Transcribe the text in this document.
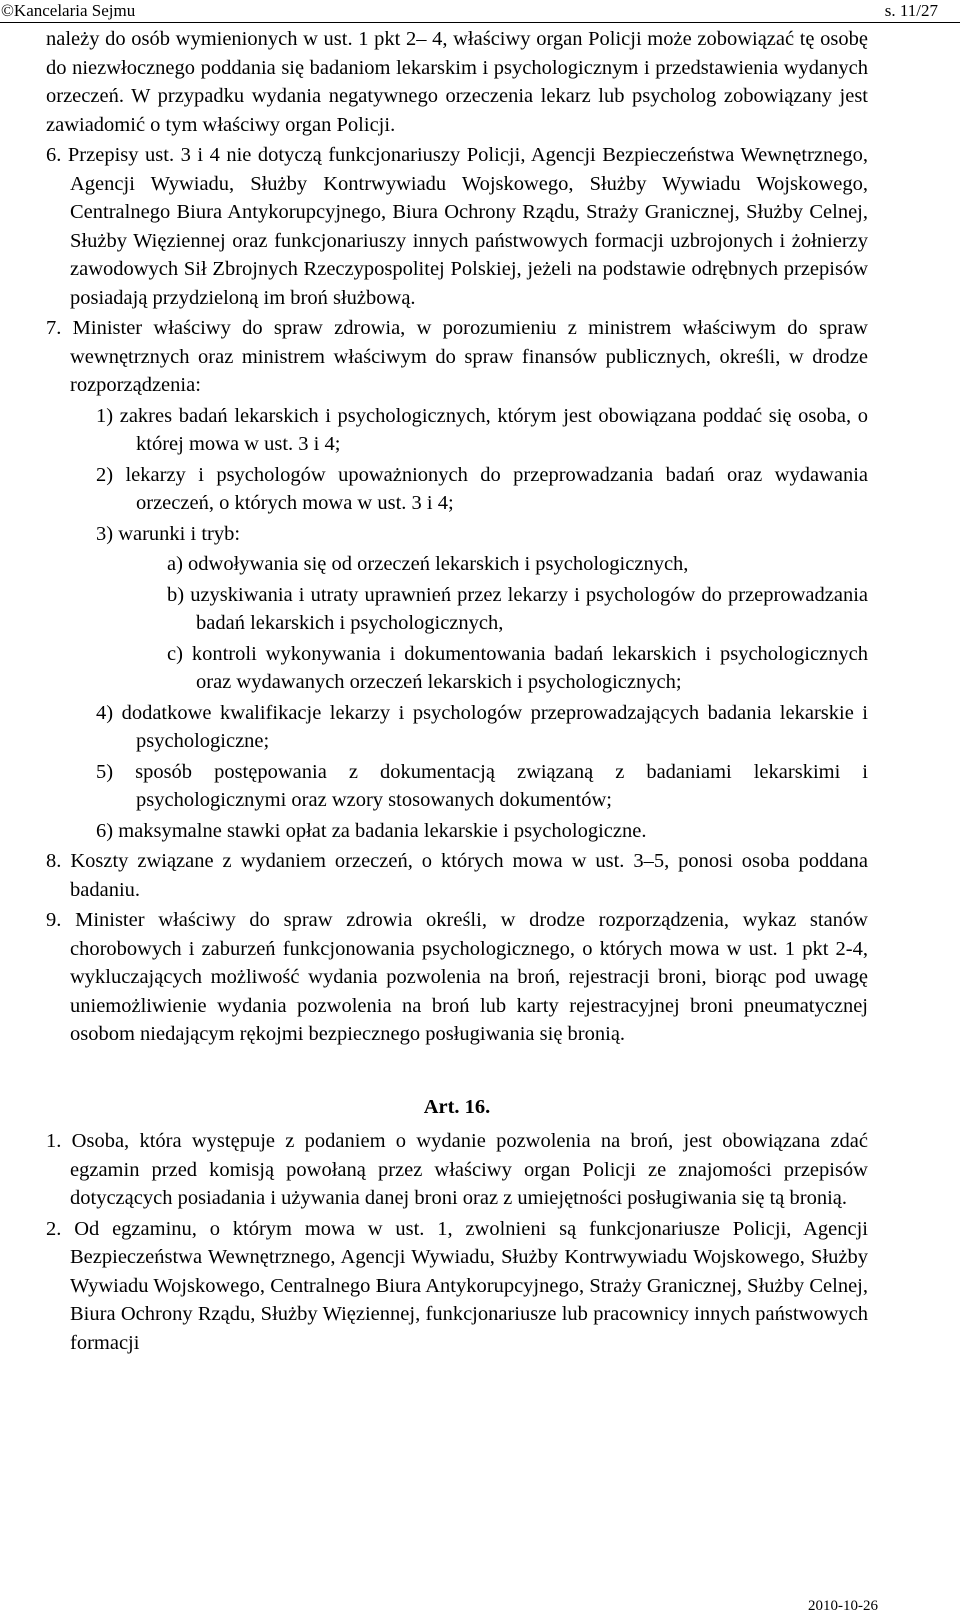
©Kancelaria Sejmu	s. 11/27

należy do osób wymienionych w ust. 1 pkt 2– 4, właściwy organ Policji może zobowiązać tę osobę do niezwłocznego poddania się badaniom lekarskim i psychologicznym i przedstawienia wydanych orzeczeń. W przypadku wydania negatywnego orzeczenia lekarz lub psycholog zobowiązany jest zawiadomić o tym właściwy organ Policji.

6. Przepisy ust. 3 i 4 nie dotyczą funkcjonariuszy Policji, Agencji Bezpieczeństwa Wewnętrznego, Agencji Wywiadu, Służby Kontrwywiadu Wojskowego, Służby Wywiadu Wojskowego, Centralnego Biura Antykorupcyjnego, Biura Ochrony Rządu, Straży Granicznej, Służby Celnej, Służby Więziennej oraz funkcjonariuszy innych państwowych formacji uzbrojonych i żołnierzy zawodowych Sił Zbrojnych Rzeczypospolitej Polskiej, jeżeli na podstawie odrębnych przepisów posiadają przydzieloną im broń służbową.

7. Minister właściwy do spraw zdrowia, w porozumieniu z ministrem właściwym do spraw wewnętrznych oraz ministrem właściwym do spraw finansów publicznych, określi, w drodze rozporządzenia:

1) zakres badań lekarskich i psychologicznych, którym jest obowiązana poddać się osoba, o której mowa w ust. 3 i 4;

2) lekarzy i psychologów upoważnionych do przeprowadzania badań oraz wydawania orzeczeń, o których mowa w ust. 3 i 4;

3) warunki i tryb:

a) odwoływania się od orzeczeń lekarskich i psychologicznych,

b) uzyskiwania i utraty uprawnień przez lekarzy i psychologów do przeprowadzania badań lekarskich i psychologicznych,

c) kontroli wykonywania i dokumentowania badań lekarskich i psychologicznych oraz wydawanych orzeczeń lekarskich i psychologicznych;

4) dodatkowe kwalifikacje lekarzy i psychologów przeprowadzających badania lekarskie i psychologiczne;

5) sposób postępowania z dokumentacją związaną z badaniami lekarskimi i psychologicznymi oraz wzory stosowanych dokumentów;

6) maksymalne stawki opłat za badania lekarskie i psychologiczne.

8. Koszty związane z wydaniem orzeczeń, o których mowa w ust. 3–5, ponosi osoba poddana badaniu.

9. Minister właściwy do spraw zdrowia określi, w drodze rozporządzenia, wykaz stanów chorobowych i zaburzeń funkcjonowania psychologicznego, o których mowa w ust. 1 pkt 2-4, wykluczających możliwość wydania pozwolenia na broń, rejestracji broni, biorąc pod uwagę uniemożliwienie wydania pozwolenia na broń lub karty rejestracyjnej broni pneumatycznej osobom niedającym rękojmi bezpiecznego posługiwania się bronią.

Art. 16.

1. Osoba, która występuje z podaniem o wydanie pozwolenia na broń, jest obowiązana zdać egzamin przed komisją powołaną przez właściwy organ Policji ze znajomości przepisów dotyczących posiadania i używania danej broni oraz z umiejętności posługiwania się tą bronią.

2. Od egzaminu, o którym mowa w ust. 1, zwolnieni są funkcjonariusze Policji, Agencji Bezpieczeństwa Wewnętrznego, Agencji Wywiadu, Służby Kontrwywiadu Wojskowego, Służby Wywiadu Wojskowego, Centralnego Biura Antykorupcyjnego, Straży Granicznej, Służby Celnej, Biura Ochrony Rządu, Służby Więziennej, funkcjonariusze lub pracownicy innych państwowych formacji

2010-10-26
